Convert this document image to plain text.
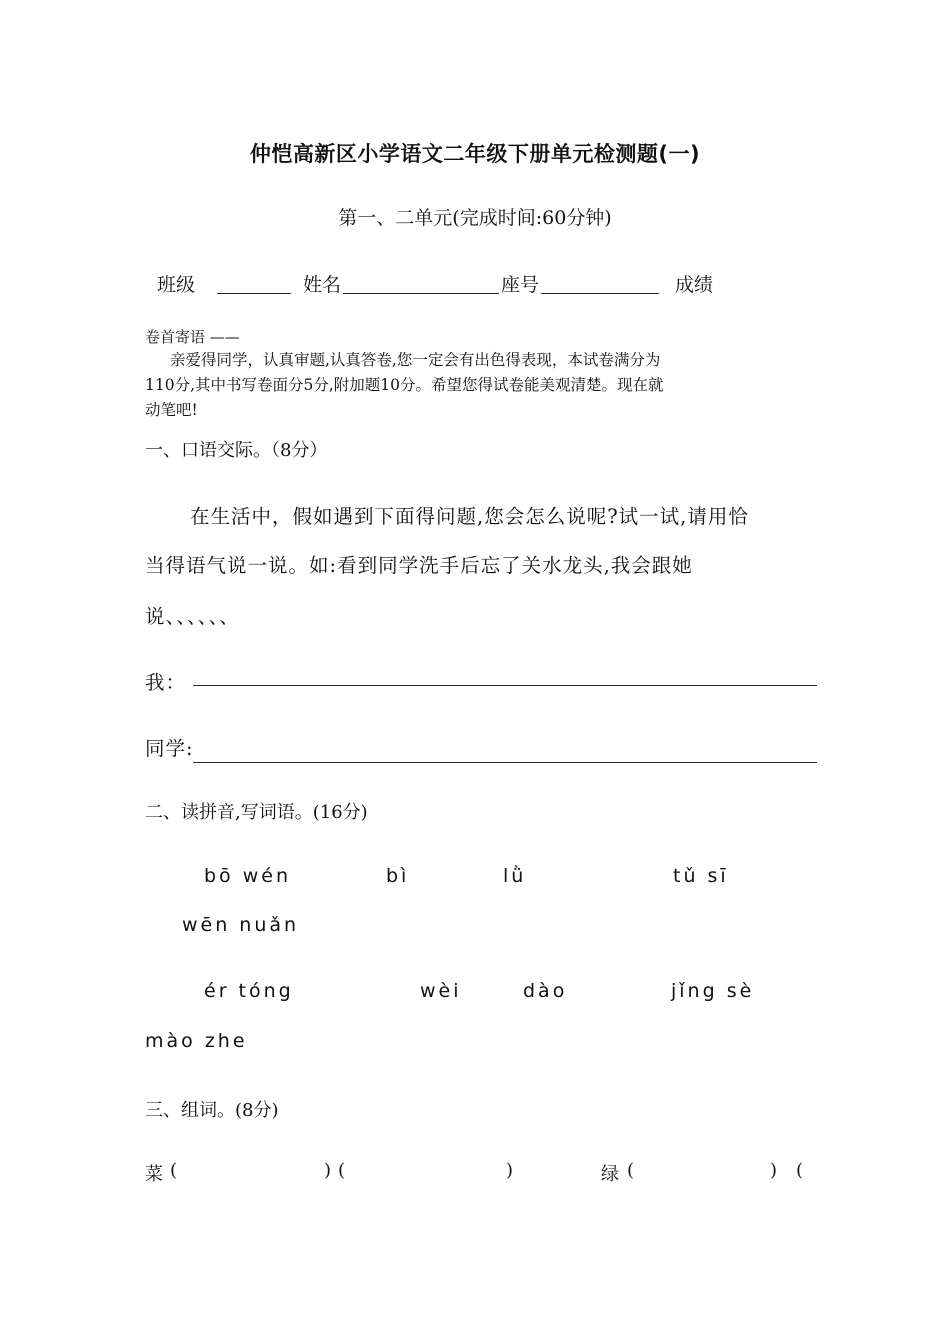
仲恺高新区小学语文二年级下册单元检测题(一)
第一、二单元(完成时间:60分钟)
班级	姓名	座号	成绩
卷首寄语 ——
亲爱得同学，认真审题,认真答卷,您一定会有出色得表现，本试卷满分为
110分,其中书写卷面分5分,附加题10分。希望您得试卷能美观清楚。现在就
动笔吧!
一、口语交际。（8分）
在生活中，假如遇到下面得问题,您会怎么说呢?试一试,请用恰
当得语气说一说。如:看到同学洗手后忘了关水龙头,我会跟她
说、、、、、、
我：
同学:
二、读拼音,写词语。(16分)
bō wén	bì	lǜ	tǔ sī
wēn nuǎn
ér tóng	wèi	dào	jǐng sè
mào zhe
三、组词。(8分)
菜 (	) (	)	绿 (	) (
